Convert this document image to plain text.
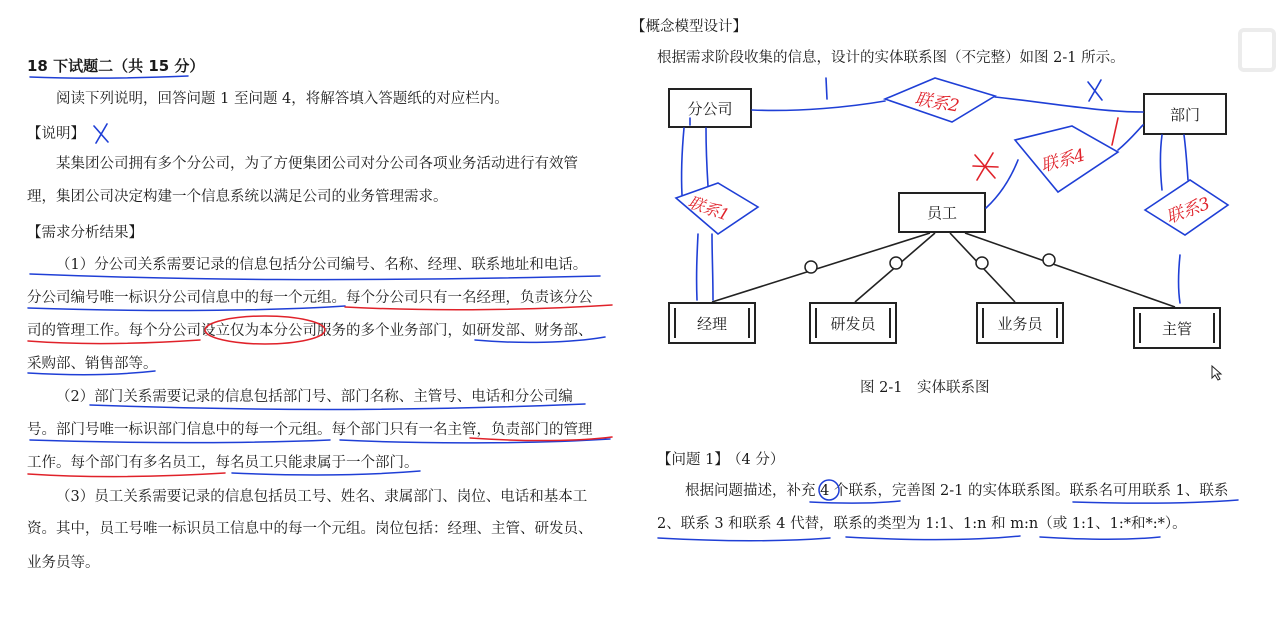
18 下试题二（共 15 分）
阅读下列说明，回答问题 1 至问题 4，将解答填入答题纸的对应栏内。
【说明】
某集团公司拥有多个分公司，为了方便集团公司对分公司各项业务活动进行有效管
理，集团公司决定构建一个信息系统以满足公司的业务管理需求。
【需求分析结果】
（1）分公司关系需要记录的信息包括分公司编号、名称、经理、联系地址和电话。
分公司编号唯一标识分公司信息中的每一个元组。每个分公司只有一名经理，负责该分公
司的管理工作。每个分公司设立仅为本分公司服务的多个业务部门，如研发部、财务部、
采购部、销售部等。
（2）部门关系需要记录的信息包括部门号、部门名称、主管号、电话和分公司编
号。部门号唯一标识部门信息中的每一个元组。每个部门只有一名主管，负责部门的管理
工作。每个部门有多名员工，每名员工只能隶属于一个部门。
（3）员工关系需要记录的信息包括员工号、姓名、隶属部门、岗位、电话和基本工
资。其中，员工号唯一标识员工信息中的每一个元组。岗位包括：经理、主管、研发员、
业务员等。
【概念模型设计】
根据需求阶段收集的信息，设计的实体联系图（不完整）如图 2-1 所示。
分公司	部门
员工
经理	研发员	业务员	主管
图 2-1　实体联系图
【问题 1】
（4 分）
根据问题描述，补充 4 个联系，完善图 2-1 的实体联系图。联系名可用联系 1、联系
2、联系 3 和联系 4 代替，联系的类型为 1:1、1:n 和 m:n（或 1:1、1:*和*:*）。
联系1
联系2
联系3
联系4
